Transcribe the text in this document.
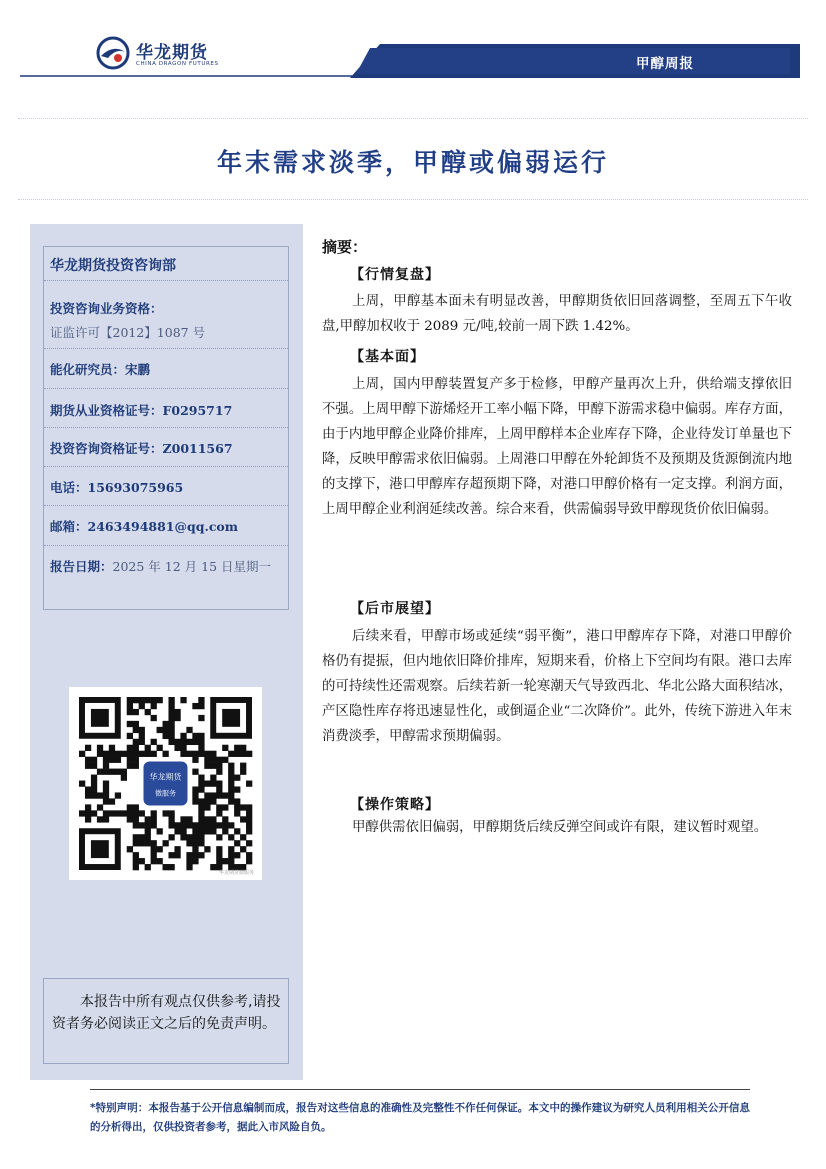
华龙期货
CHINA DRAGON FUTURES	甲醇周报
年末需求淡季，甲醇或偏弱运行
华龙期货投资咨询部
投资咨询业务资格：
证监许可【2012】1087 号
能化研究员：宋鹏
期货从业资格证号：F0295717
投资咨询资格证号：Z0011567
电话：15693075965
邮箱：2463494881@qq.com
报告日期：2025 年 12 月 15 日星期一
华龙期货
微服务
华龙期货微服务
本报告中所有观点仅供参考,请投资者务必阅读正文之后的免责声明。
摘要：
【行情复盘】
上周，甲醇基本面未有明显改善，甲醇期货依旧回落调整，至周五下午收盘,甲醇加权收于 2089 元/吨,较前一周下跌 1.42%。
【基本面】
上周，国内甲醇装置复产多于检修，甲醇产量再次上升，供给端支撑依旧不强。上周甲醇下游烯烃开工率小幅下降，甲醇下游需求稳中偏弱。库存方面，由于内地甲醇企业降价排库，上周甲醇样本企业库存下降，企业待发订单量也下降，反映甲醇需求依旧偏弱。上周港口甲醇在外轮卸货不及预期及货源倒流内地的支撑下，港口甲醇库存超预期下降，对港口甲醇价格有一定支撑。利润方面，上周甲醇企业利润延续改善。综合来看，供需偏弱导致甲醇现货价依旧偏弱。
【后市展望】
后续来看，甲醇市场或延续“弱平衡”，港口甲醇库存下降，对港口甲醇价格仍有提振，但内地依旧降价排库，短期来看，价格上下空间均有限。港口去库的可持续性还需观察。后续若新一轮寒潮天气导致西北、华北公路大面积结冰，产区隐性库存将迅速显性化，或倒逼企业“二次降价”。此外，传统下游进入年末消费淡季，甲醇需求预期偏弱。
【操作策略】
甲醇供需依旧偏弱，甲醇期货后续反弹空间或许有限，建议暂时观望。
*特别声明：本报告基于公开信息编制而成，报告对这些信息的准确性及完整性不作任何保证。本文中的操作建议为研究人员利用相关公开信息的分析得出，仅供投资者参考，据此入市风险自负。
